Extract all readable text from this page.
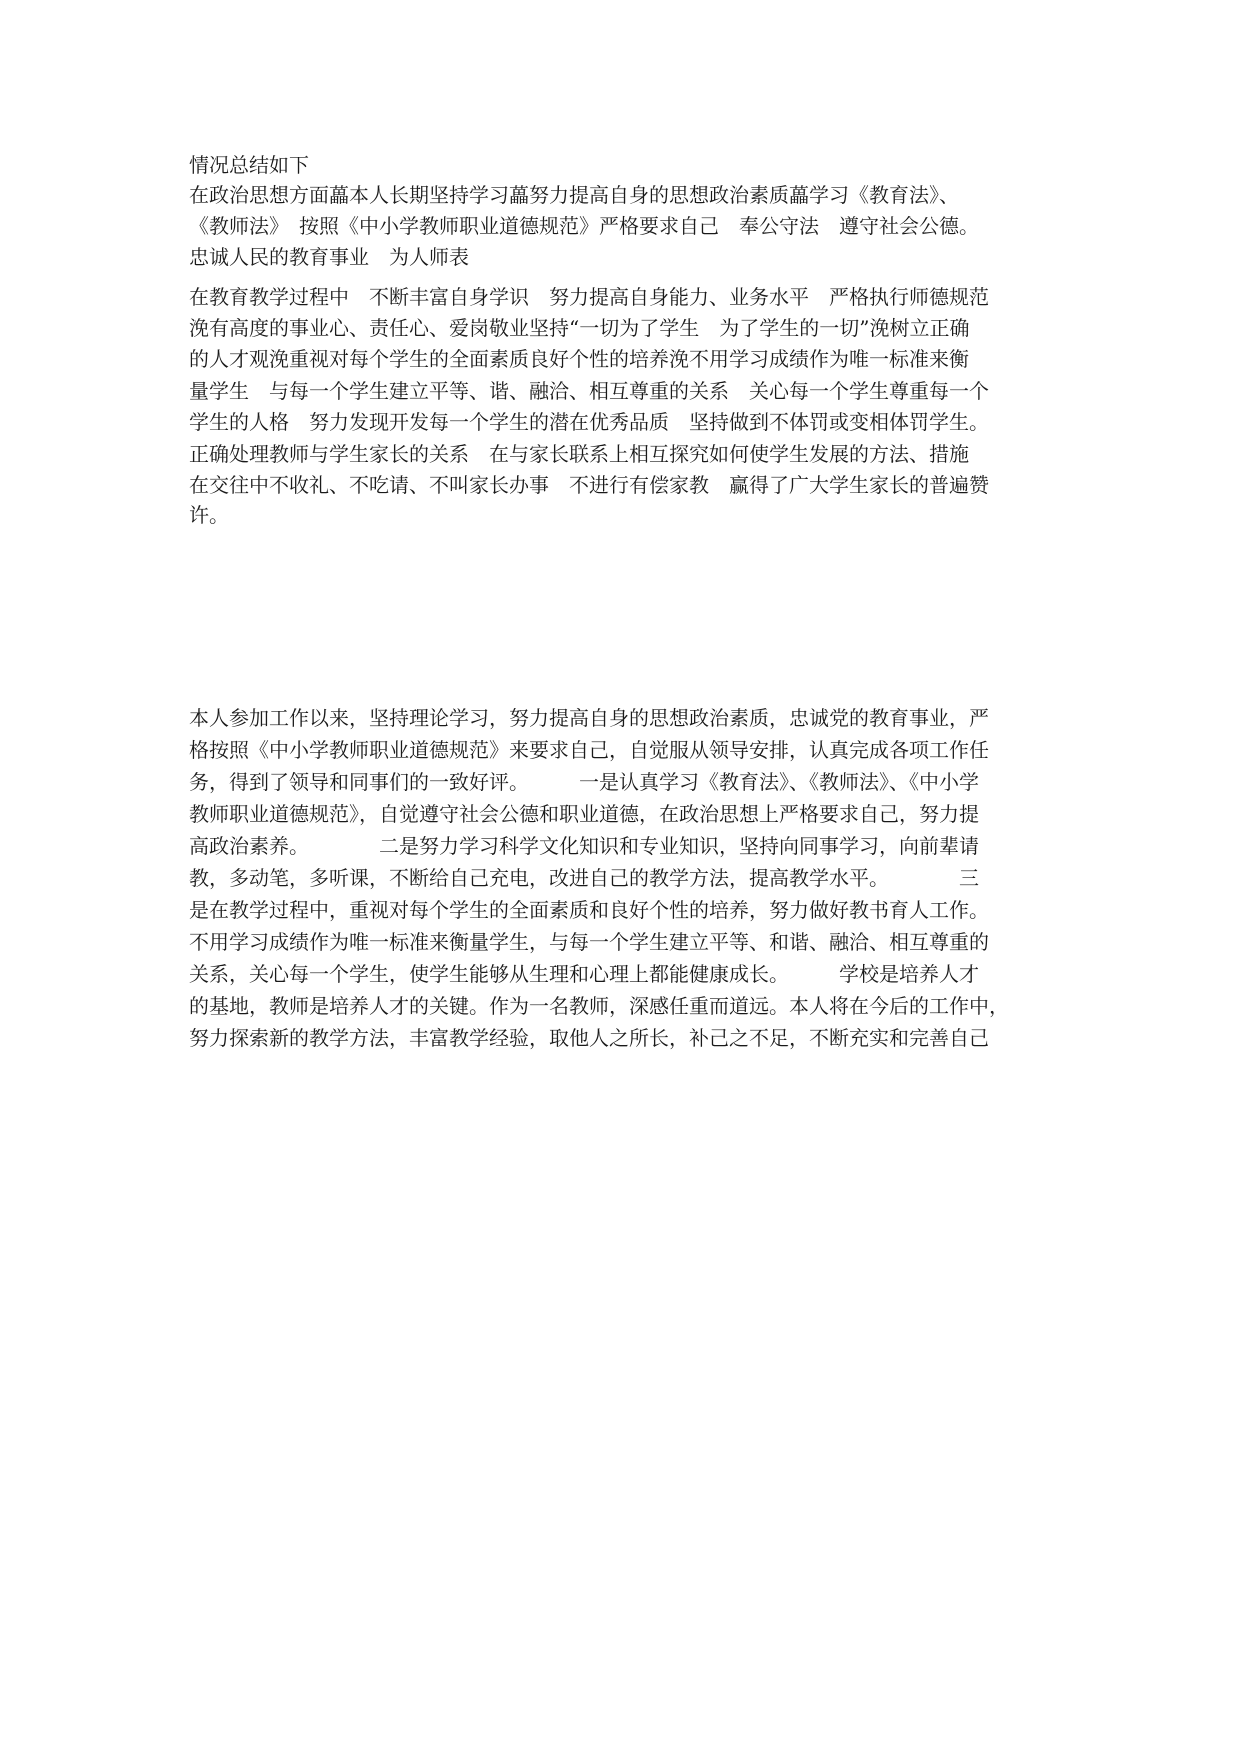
情况总结如下

在政治思想方面藟本人长期坚持学习藟努力提高自身的思想政治素质藟学习《教育法》、

《教师法》　按照《中小学教师职业道德规范》严格要求自己　奉公守法　遵守社会公德。

忠诚人民的教育事业　为人师表

在教育教学过程中　不断丰富自身学识　努力提高自身能力、业务水平　严格执行师德规范

浼有高度的事业心、责任心、爱岗敬业坚持“一切为了学生　为了学生的一切”浼树立正确

的人才观浼重视对每个学生的全面素质良好个性的培养浼不用学习成绩作为唯一标准来衡

量学生　与每一个学生建立平等、谐、融洽、相互尊重的关系　关心每一个学生尊重每一个

学生的人格　努力发现开发每一个学生的潜在优秀品质　坚持做到不体罚或变相体罚学生。

正确处理教师与学生家长的关系　在与家长联系上相互探究如何使学生发展的方法、措施

在交往中不收礼、不吃请、不叫家长办事　不进行有偿家教　赢得了广大学生家长的普遍赞

许。

本人参加工作以来，坚持理论学习，努力提高自身的思想政治素质，忠诚党的教育事业，严

格按照《中小学教师职业道德规范》来要求自己，自觉服从领导安排，认真完成各项工作任

务，得到了领导和同事们的一致好评。　　　一是认真学习《教育法》、《教师法》、《中小学

教师职业道德规范》，自觉遵守社会公德和职业道德，在政治思想上严格要求自己，努力提

高政治素养。　　　　二是努力学习科学文化知识和专业知识，坚持向同事学习，向前辈请

教，多动笔，多听课，不断给自己充电，改进自己的教学方法，提高教学水平。　　　　三

是在教学过程中，重视对每个学生的全面素质和良好个性的培养，努力做好教书育人工作。

不用学习成绩作为唯一标准来衡量学生，与每一个学生建立平等、和谐、融洽、相互尊重的

关系，关心每一个学生，使学生能够从生理和心理上都能健康成长。　　　学校是培养人才

的基地，教师是培养人才的关键。作为一名教师，深感任重而道远。本人将在今后的工作中，

努力探索新的教学方法，丰富教学经验，取他人之所长，补己之不足，不断充实和完善自己
